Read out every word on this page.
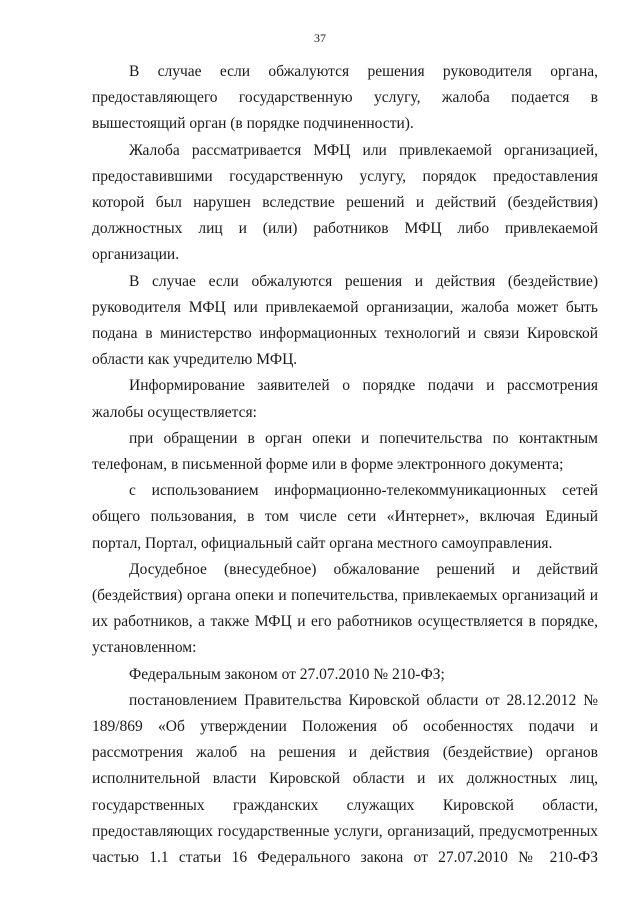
37

В случае если обжалуются решения руководителя органа, предоставляющего государственную услугу, жалоба подается в вышестоящий орган (в порядке подчиненности).

Жалоба рассматривается МФЦ или привлекаемой организацией, предоставившими государственную услугу, порядок предоставления которой был нарушен вследствие решений и действий (бездействия) должностных лиц и (или) работников МФЦ либо привлекаемой организации.

В случае если обжалуются решения и действия (бездействие) руководителя МФЦ или привлекаемой организации, жалоба может быть подана в министерство информационных технологий и связи Кировской области как учредителю МФЦ.

Информирование заявителей о порядке подачи и рассмотрения жалобы осуществляется:

при обращении в орган опеки и попечительства по контактным телефонам, в письменной форме или в форме электронного документа;

с использованием информационно-телекоммуникационных сетей общего пользования, в том числе сети «Интернет», включая Единый портал, Портал, официальный сайт органа местного самоуправления.

Досудебное (внесудебное) обжалование решений и действий (бездействия) органа опеки и попечительства, привлекаемых организаций и их работников, а также МФЦ и его работников осуществляется в порядке, установленном:

Федеральным законом от 27.07.2010 № 210-ФЗ;

постановлением Правительства Кировской области от 28.12.2012 № 189/869 «Об утверждении Положения об особенностях подачи и рассмотрения жалоб на решения и действия (бездействие) органов исполнительной власти Кировской области и их должностных лиц, государственных гражданских служащих Кировской области, предоставляющих государственные услуги, организаций, предусмотренных частью 1.1 статьи 16 Федерального закона от 27.07.2010 № 210-ФЗ
